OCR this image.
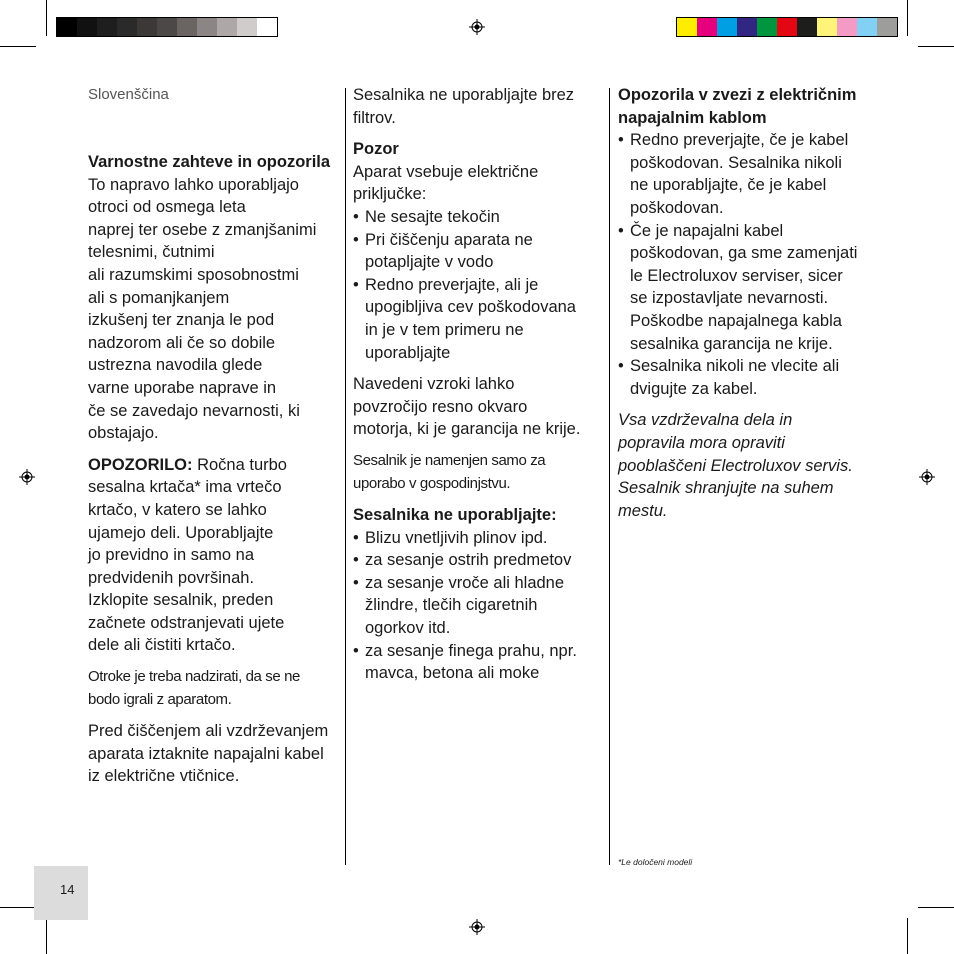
Slovenščina

Varnostne zahteve in opozorila

To napravo lahko uporabljajo
otroci od osmega leta
naprej ter osebe z zmanjšanimi
telesnimi, čutnimi
ali razumskimi sposobnostmi
ali s pomanjkanjem
izkušenj ter znanja le pod
nadzorom ali če so dobile
ustrezna navodila glede
varne uporabe naprave in
če se zavedajo nevarnosti, ki
obstajajo.

OPOZORILO: Ročna turbo

sesalna krtača* ima vrtečo
krtačo, v katero se lahko
ujamejo deli. Uporabljajte
jo previdno in samo na
predvidenih površinah.
Izklopite sesalnik, preden
začnete odstranjevati ujete
dele ali čistiti krtačo.
Otroke je treba nadzirati, da se ne
bodo igrali z aparatom.
Pred čiščenjem ali vzdrževanjem
aparata iztaknite napajalni kabel
iz električne vtičnice.
Sesalnika ne uporabljajte brez
filtrov.

Pozor

Aparat vsebuje električne
priključke:
• Ne sesajte tekočin
• Pri čiščenju aparata ne
potapljajte v vodo
• Redno preverjajte, ali je
upogibljiva cev poškodovana
in je v tem primeru ne
uporabljajte
Navedeni vzroki lahko
povzročijo resno okvaro
motorja, ki je garancija ne krije.
Sesalnik je namenjen samo za
uporabo v gospodinjstvu.

Sesalnika ne uporabljajte:

• Blizu vnetljivih plinov ipd.
• za sesanje ostrih predmetov
• za sesanje vroče ali hladne
žlindre, tlečih cigaretnih
ogorkov itd.
• za sesanje finega prahu, npr.
mavca, betona ali moke
Opozorila v zvezi z električnim
napajalnim kablom
• Redno preverjajte, če je kabel
poškodovan. Sesalnika nikoli
ne uporabljajte, če je kabel
poškodovan.
• Če je napajalni kabel
poškodovan, ga sme zamenjati
le Electroluxov serviser, sicer
se izpostavljate nevarnosti.
Poškodbe napajalnega kabla
sesalnika garancija ne krije.
• Sesalnika nikoli ne vlecite ali
dvigujte za kabel.
Vsa vzdrževalna dela in
popravila mora opraviti
pooblaščeni Electroluxov servis.
Sesalnik shranjujte na suhem
mestu.
*Le določeni modeli
14
